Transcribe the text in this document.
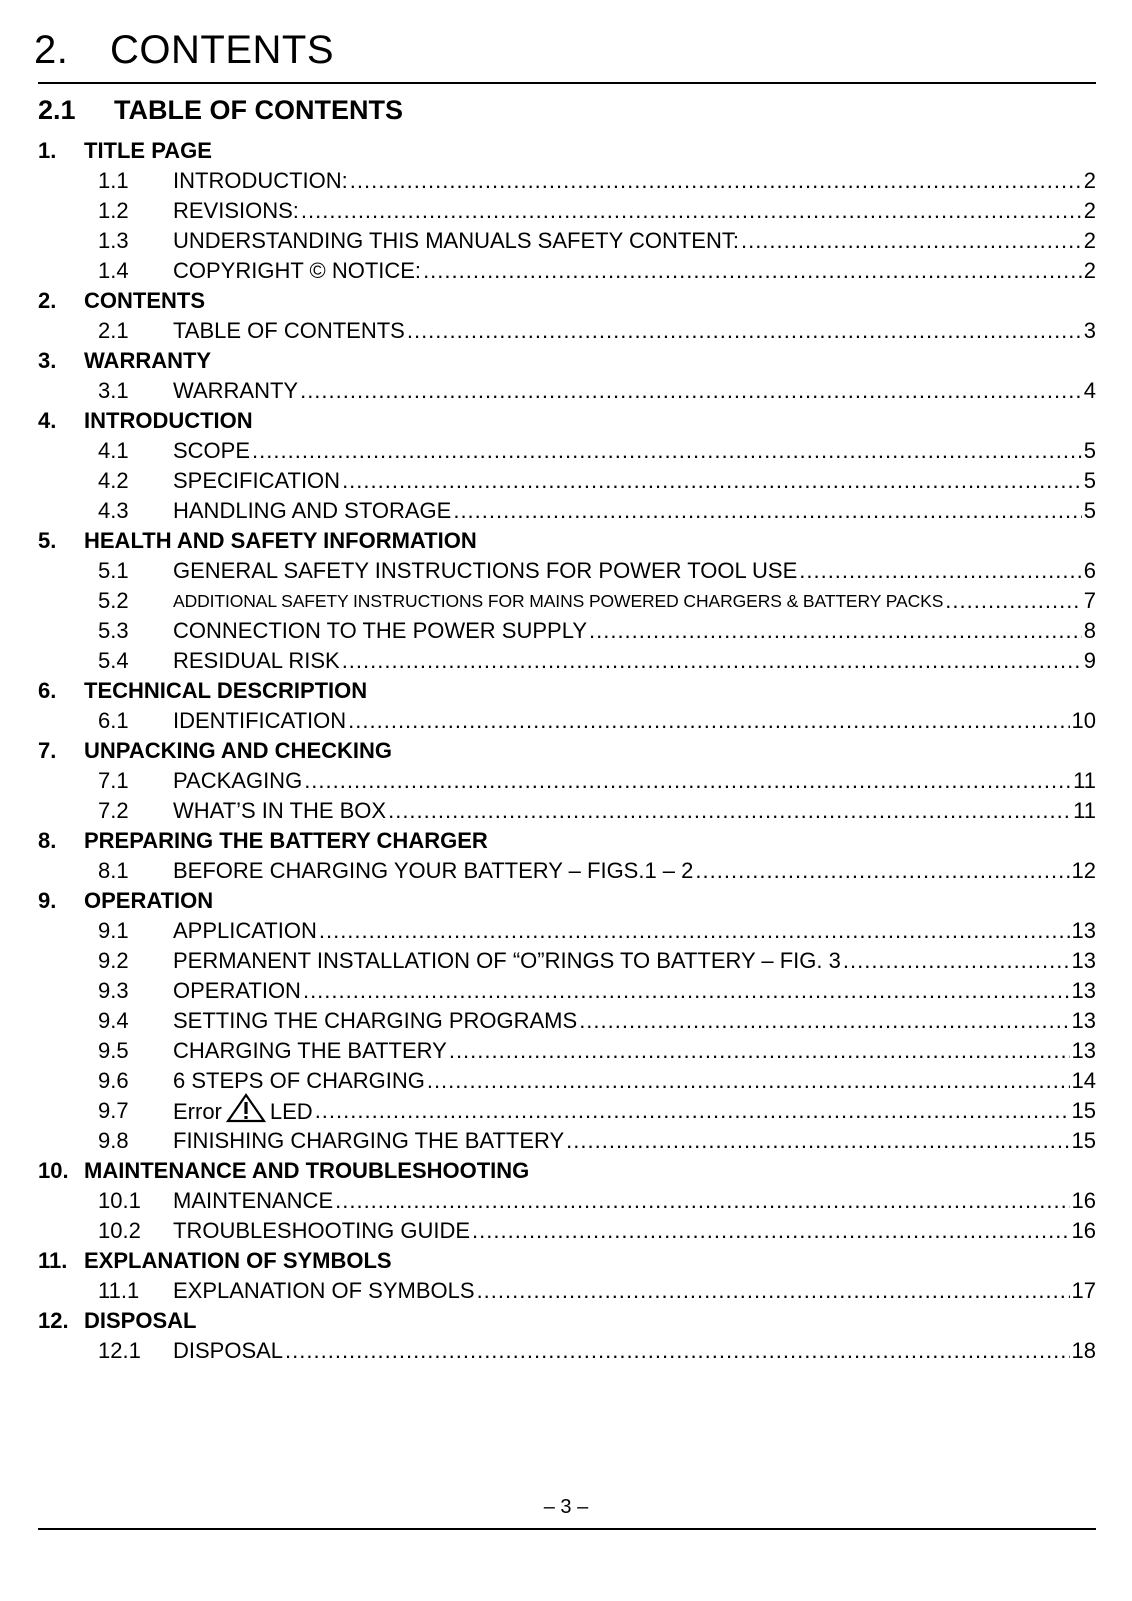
2. CONTENTS
2.1 TABLE OF CONTENTS
1.	TITLE PAGE
1.1	INTRODUCTION: .....	2
1.2	REVISIONS: .....	2
1.3	UNDERSTANDING THIS MANUALS SAFETY CONTENT: .....	2
1.4	COPYRIGHT © NOTICE: .....	2
2.	CONTENTS
2.1	TABLE OF CONTENTS .....	3
3.	WARRANTY
3.1	WARRANTY .....	4
4.	INTRODUCTION
4.1	SCOPE .....	5
4.2	SPECIFICATION .....	5
4.3	HANDLING AND STORAGE .....	5
5.	HEALTH AND SAFETY INFORMATION
5.1	GENERAL SAFETY INSTRUCTIONS FOR POWER TOOL USE .....	6
5.2	ADDITIONAL SAFETY INSTRUCTIONS FOR MAINS POWERED CHARGERS & BATTERY PACKS .....	7
5.3	CONNECTION TO THE POWER SUPPLY .....	8
5.4	RESIDUAL RISK .....	9
6.	TECHNICAL DESCRIPTION
6.1	IDENTIFICATION .....	10
7.	UNPACKING AND CHECKING
7.1	PACKAGING .....	11
7.2	WHAT’S IN THE BOX .....	11
8.	PREPARING THE BATTERY CHARGER
8.1	BEFORE CHARGING YOUR BATTERY – FIGS.1 – 2 .....	12
9.	OPERATION
9.1	APPLICATION .....	13
9.2	PERMANENT INSTALLATION OF “O”RINGS TO BATTERY – FIG. 3 .....	13
9.3	OPERATION .....	13
9.4	SETTING THE CHARGING PROGRAMS .....	13
9.5	CHARGING THE BATTERY .....	13
9.6	6 STEPS OF CHARGING .....	14
9.7	Error LED .....	15
9.8	FINISHING CHARGING THE BATTERY .....	15
10. MAINTENANCE AND TROUBLESHOOTING
10.1	MAINTENANCE .....	16
10.2	TROUBLESHOOTING GUIDE .....	16
11. EXPLANATION OF SYMBOLS
11.1	EXPLANATION OF SYMBOLS .....	17
12. DISPOSAL
12.1	DISPOSAL .....	18
– 3 –
